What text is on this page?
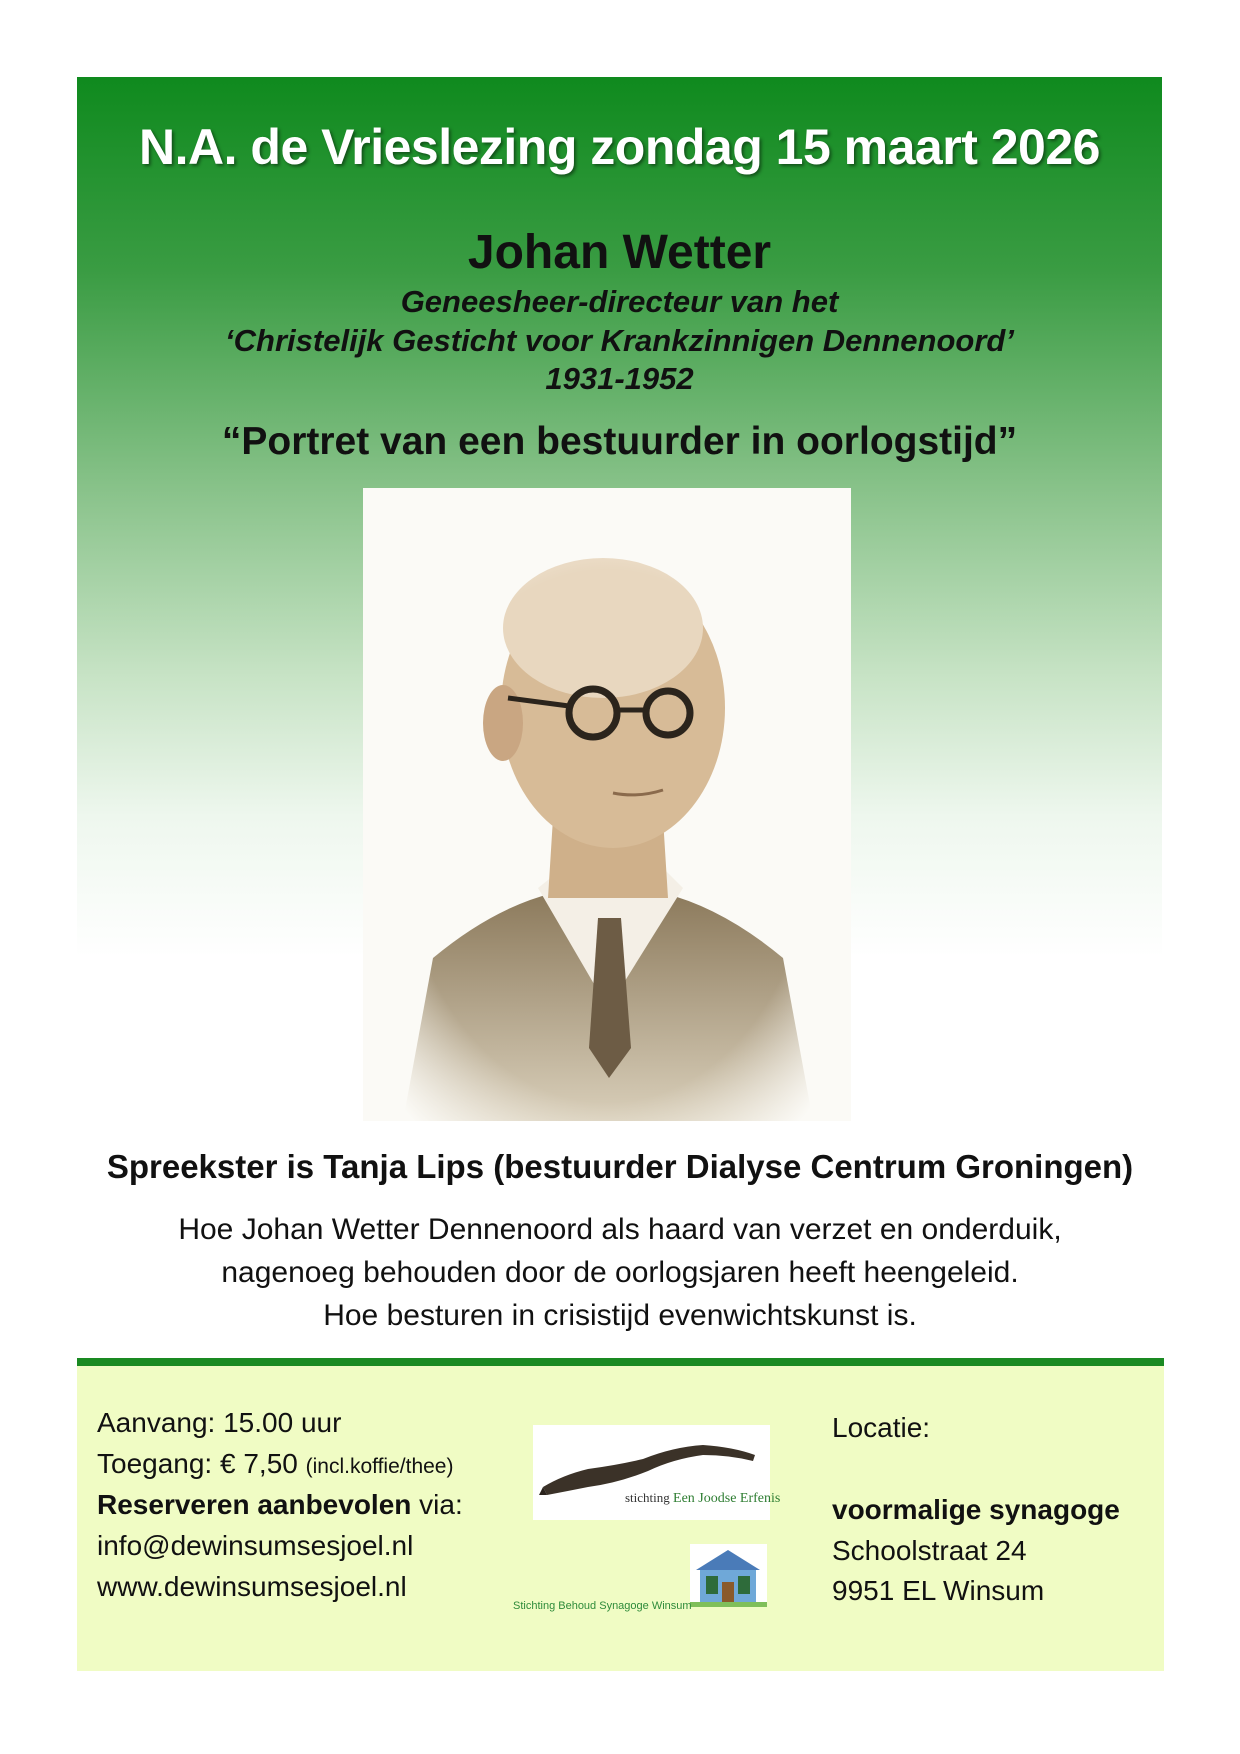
N.A. de Vrieslezing zondag 15 maart 2026
Johan Wetter
Geneesheer-directeur van het
‘Christelijk Gesticht voor Krankzinnigen Dennenoord’
1931-1952
“Portret van een bestuurder in oorlogstijd”
Spreekster is Tanja Lips (bestuurder Dialyse Centrum Groningen)
Hoe Johan Wetter Dennenoord als haard van verzet en onderduik,
nagenoeg behouden door de oorlogsjaren heeft heengeleid.
Hoe besturen in crisistijd evenwichtskunst is.
Aanvang: 15.00 uur
Toegang: € 7,50 (incl.koffie/thee)
Reserveren aanbevolen via:
info@dewinsumsesjoel.nl
www.dewinsumsesjoel.nl
stichting Een Joodse Erfenis
Stichting Behoud Synagoge Winsum
Locatie:
voormalige synagoge
Schoolstraat 24
9951 EL Winsum
